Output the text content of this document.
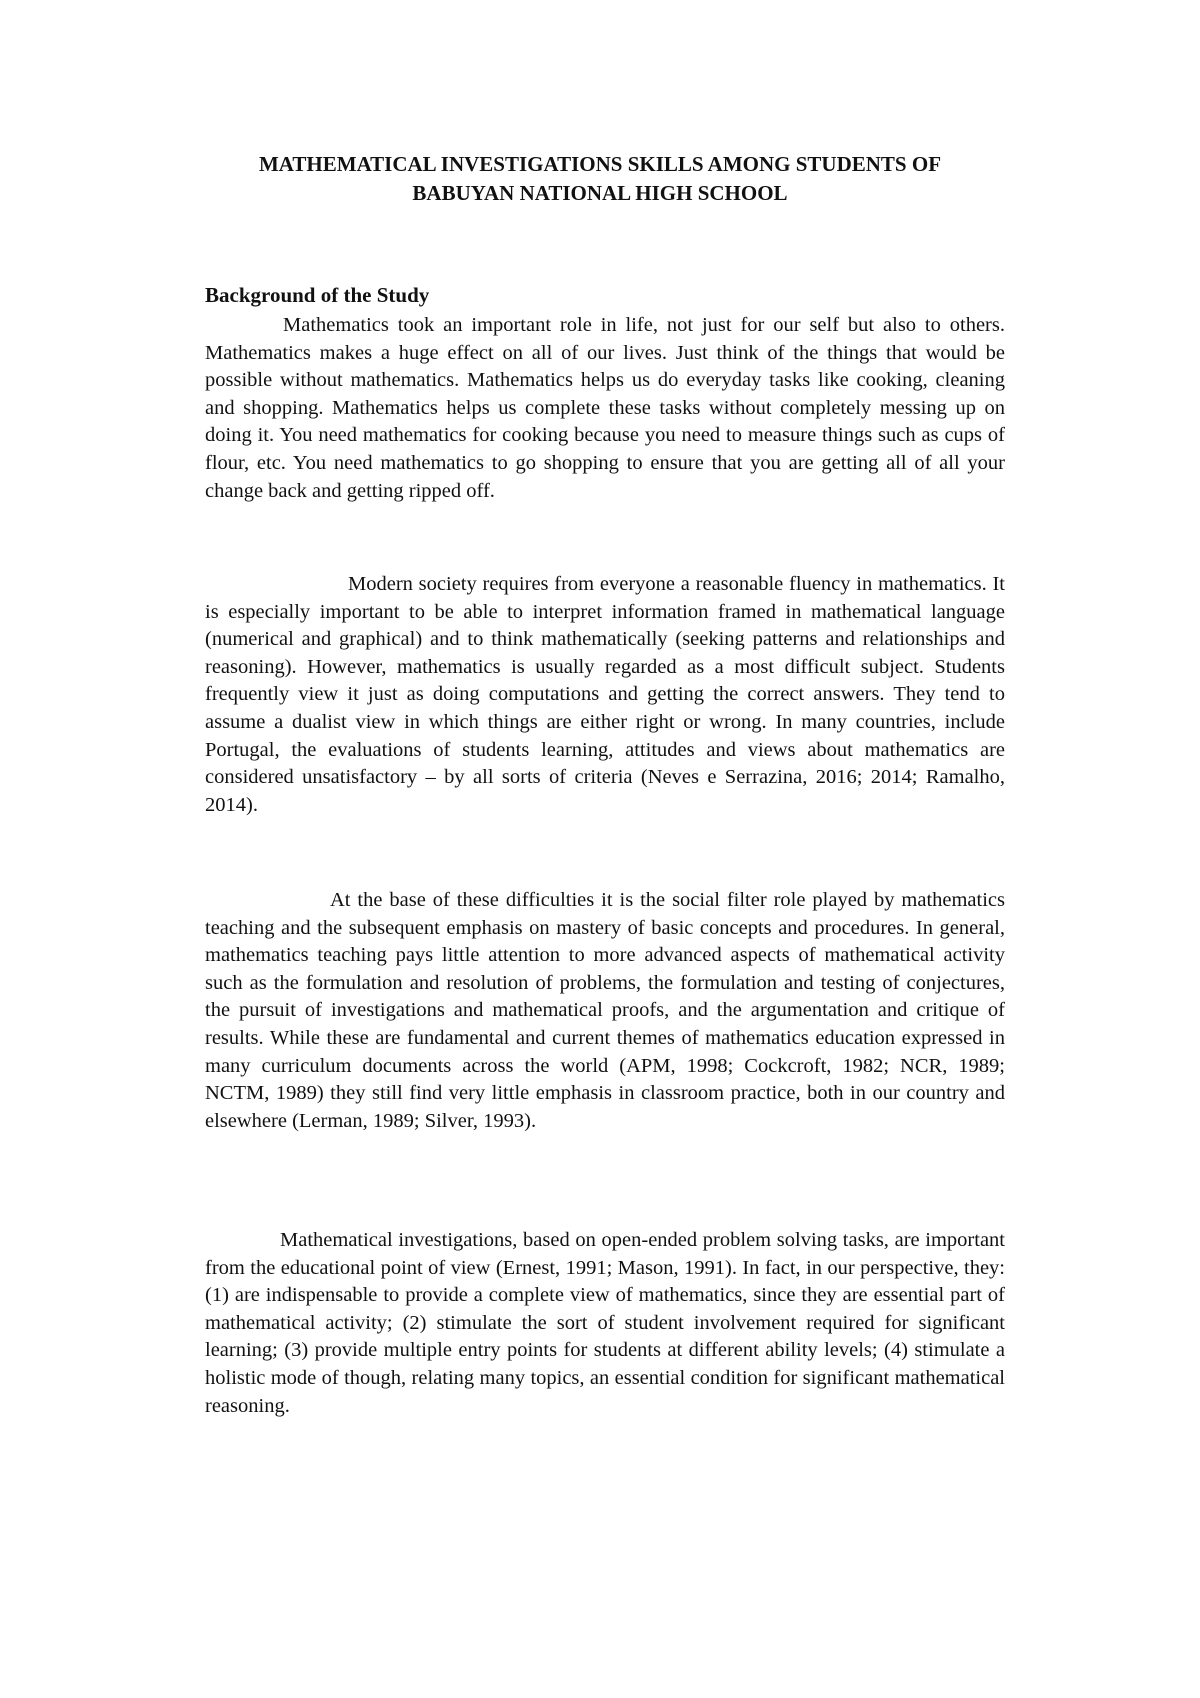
MATHEMATICAL INVESTIGATIONS SKILLS AMONG STUDENTS OF
BABUYAN NATIONAL HIGH SCHOOL
Background of the Study

Mathematics took an important role in life, not just for our self but also to others. Mathematics makes a huge effect on all of our lives. Just think of the things that would be possible without mathematics. Mathematics helps us do everyday tasks like cooking, cleaning and shopping. Mathematics helps us complete these tasks without completely messing up on doing it. You need mathematics for cooking because you need to measure things such as cups of flour, etc. You need mathematics to go shopping to ensure that you are getting all of all your change back and getting ripped off.

Modern society requires from everyone a reasonable fluency in mathematics. It is especially important to be able to interpret information framed in mathematical language (numerical and graphical) and to think mathematically (seeking patterns and relationships and reasoning). However, mathematics is usually regarded as a most difficult subject. Students frequently view it just as doing computations and getting the correct answers. They tend to assume a dualist view in which things are either right or wrong. In many countries, include Portugal, the evaluations of students learning, attitudes and views about mathematics are considered unsatisfactory – by all sorts of criteria (Neves e Serrazina, 2016; 2014; Ramalho, 2014).

At the base of these difficulties it is the social filter role played by mathematics teaching and the subsequent emphasis on mastery of basic concepts and procedures. In general, mathematics teaching pays little attention to more advanced aspects of mathematical activity such as the formulation and resolution of problems, the formulation and testing of conjectures, the pursuit of investigations and mathematical proofs, and the argumentation and critique of results. While these are fundamental and current themes of mathematics education expressed in many curriculum documents across the world (APM, 1998; Cockcroft, 1982; NCR, 1989; NCTM, 1989) they still find very little emphasis in classroom practice, both in our country and elsewhere (Lerman, 1989; Silver, 1993).

Mathematical investigations, based on open-ended problem solving tasks, are important from the educational point of view (Ernest, 1991; Mason, 1991). In fact, in our perspective, they: (1) are indispensable to provide a complete view of mathematics, since they are essential part of mathematical activity; (2) stimulate the sort of student involvement required for significant learning; (3) provide multiple entry points for students at different ability levels; (4) stimulate a holistic mode of though, relating many topics, an essential condition for significant mathematical reasoning.
